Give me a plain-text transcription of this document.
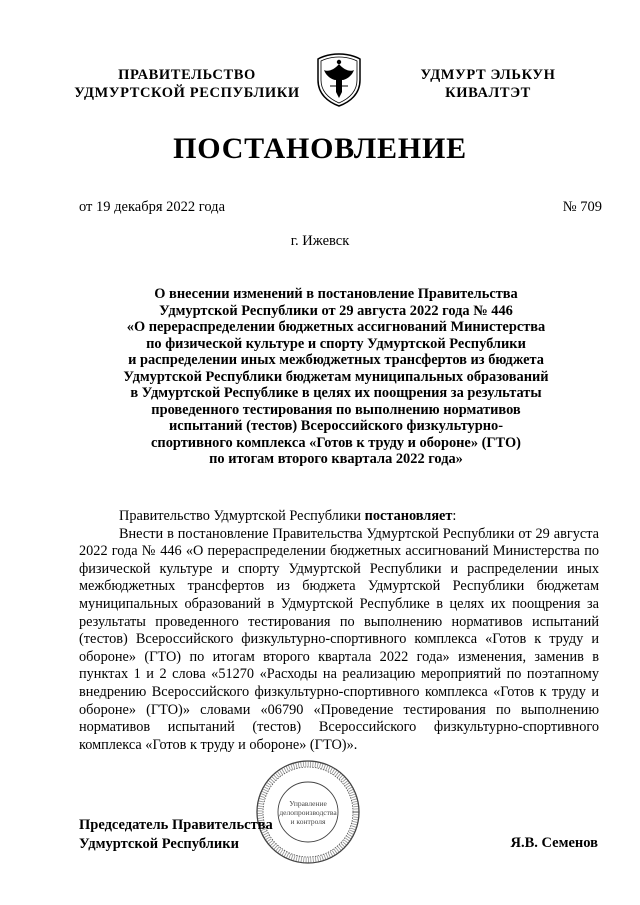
ПРАВИТЕЛЬСТВО
УДМУРТСКОЙ РЕСПУБЛИКИ
УДМУРТ ЭЛЬКУН
КИВАЛТЭТ
ПОСТАНОВЛЕНИЕ
от 19 декабря 2022 года	№ 709
г. Ижевск
О внесении изменений в постановление Правительства
Удмуртской Республики от 29 августа 2022 года № 446
«О перераспределении бюджетных ассигнований Министерства
по физической культуре и спорту Удмуртской Республики
и распределении иных межбюджетных трансфертов из бюджета
Удмуртской Республики бюджетам муниципальных образований
в Удмуртской Республике в целях их поощрения за результаты
проведенного тестирования по выполнению нормативов
испытаний (тестов) Всероссийского физкультурно-
спортивного комплекса «Готов к труду и обороне» (ГТО)
по итогам второго квартала 2022 года»

Правительство Удмуртской Республики постановляет:

Внести в постановление Правительства Удмуртской Республики от 29 августа 2022 года № 446 «О перераспределении бюджетных ассигнований Министерства по физической культуре и спорту Удмуртской Республики и распределении иных межбюджетных трансфертов из бюджета Удмуртской Республики бюджетам муниципальных образований в Удмуртской Республике в целях их поощрения за результаты проведенного тестирования по выполнению нормативов испытаний (тестов) Всероссийского физкультурно-спортивного комплекса «Готов к труду и обороне» (ГТО) по итогам второго квартала 2022 года» изменения, заменив в пунктах 1 и 2 слова «51270 «Расходы на реализацию мероприятий по поэтапному внедрению Всероссийского физкультурно-спортивного комплекса «Готов к труду и обороне» (ГТО)» словами «06790 «Проведение тестирования по выполнению нормативов испытаний (тестов) Всероссийского физкультурно-спортивного комплекса «Готов к труду и обороне» (ГТО)».

Управление
делопроизводства
и контроля
Председатель Правительства
Удмуртской Республики	Я.В. Семенов
